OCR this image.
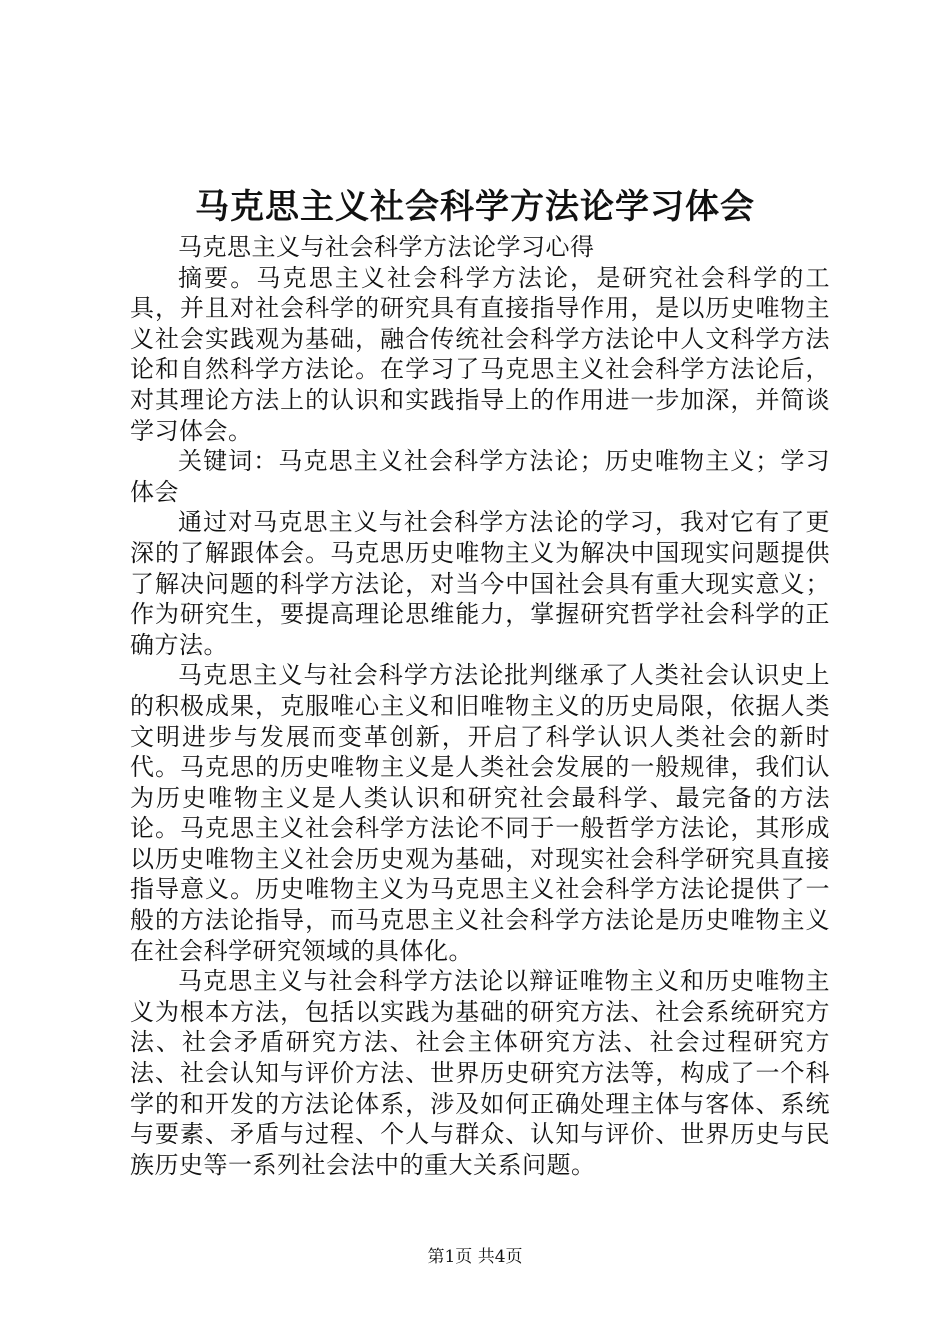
马克思主义社会科学方法论学习体会

马克思主义与社会科学方法论学习心得

摘要。马克思主义社会科学方法论，是研究社会科学的工具，并且对社会科学的研究具有直接指导作用，是以历史唯物主义社会实践观为基础，融合传统社会科学方法论中人文科学方法论和自然科学方法论。在学习了马克思主义社会科学方法论后，对其理论方法上的认识和实践指导上的作用进一步加深，并简谈学习体会。

关键词：马克思主义社会科学方法论；历史唯物主义；学习体会

通过对马克思主义与社会科学方法论的学习，我对它有了更深的了解跟体会。马克思历史唯物主义为解决中国现实问题提供了解决问题的科学方法论，对当今中国社会具有重大现实意义；作为研究生，要提高理论思维能力，掌握研究哲学社会科学的正确方法。

马克思主义与社会科学方法论批判继承了人类社会认识史上的积极成果，克服唯心主义和旧唯物主义的历史局限，依据人类文明进步与发展而变革创新，开启了科学认识人类社会的新时代。马克思的历史唯物主义是人类社会发展的一般规律，我们认为历史唯物主义是人类认识和研究社会最科学、最完备的方法论。马克思主义社会科学方法论不同于一般哲学方法论，其形成以历史唯物主义社会历史观为基础，对现实社会科学研究具直接指导意义。历史唯物主义为马克思主义社会科学方法论提供了一般的方法论指导，而马克思主义社会科学方法论是历史唯物主义在社会科学研究领域的具体化。

马克思主义与社会科学方法论以辩证唯物主义和历史唯物主义为根本方法，包括以实践为基础的研究方法、社会系统研究方法、社会矛盾研究方法、社会主体研究方法、社会过程研究方法、社会认知与评价方法、世界历史研究方法等，构成了一个科学的和开发的方法论体系，涉及如何正确处理主体与客体、系统与要素、矛盾与过程、个人与群众、认知与评价、世界历史与民族历史等一系列社会法中的重大关系问题。

第1页 共4页
